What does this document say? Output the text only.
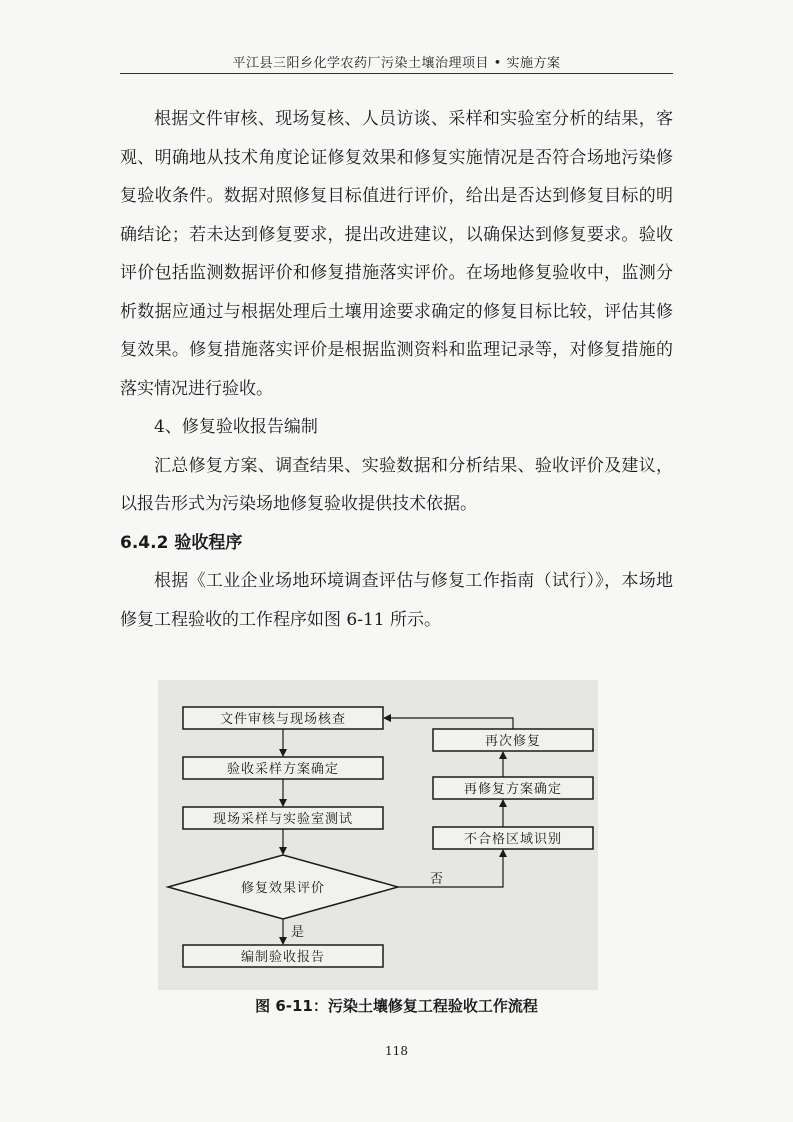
平江县三阳乡化学农药厂污染土壤治理项目 • 实施方案

根据文件审核、现场复核、人员访谈、采样和实验室分析的结果，客观、明确地从技术角度论证修复效果和修复实施情况是否符合场地污染修复验收条件。数据对照修复目标值进行评价，给出是否达到修复目标的明确结论；若未达到修复要求，提出改进建议，以确保达到修复要求。验收评价包括监测数据评价和修复措施落实评价。在场地修复验收中，监测分析数据应通过与根据处理后土壤用途要求确定的修复目标比较，评估其修复效果。修复措施落实评价是根据监测资料和监理记录等，对修复措施的落实情况进行验收。

4、修复验收报告编制

汇总修复方案、调查结果、实验数据和分析结果、验收评价及建议，以报告形式为污染场地修复验收提供技术依据。

6.4.2 验收程序

根据《工业企业场地环境调查评估与修复工作指南（试行）》，本场地修复工程验收的工作程序如图 6-11 所示。

文件审核与现场核查
验收采样方案确定
现场采样与实验室测试
修复效果评价
编制验收报告
不合格区域识别
再修复方案确定
再次修复
是
否
图 6-11：污染土壤修复工程验收工作流程
118
